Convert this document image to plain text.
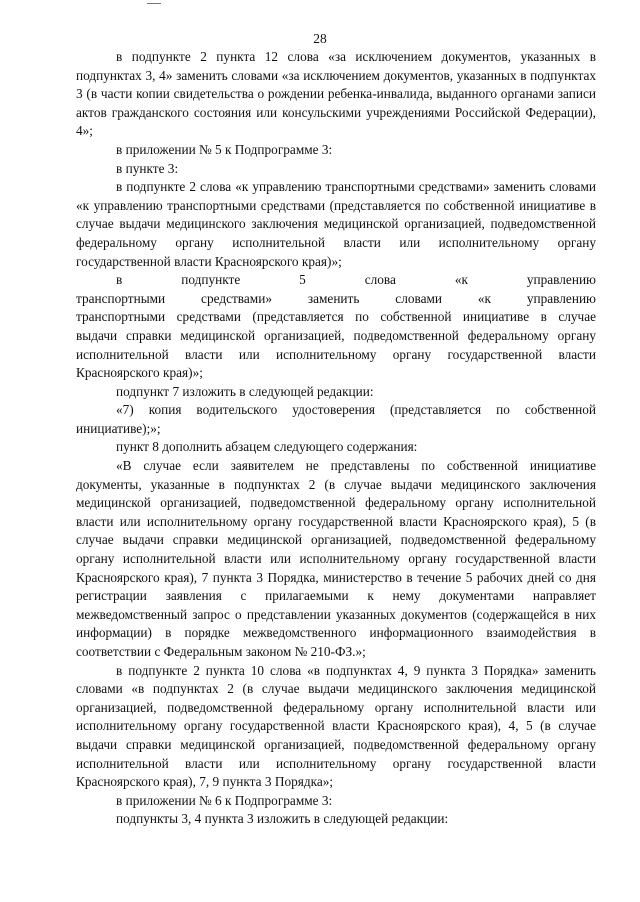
28

в подпункте 2 пункта 12 слова «за исключением документов, указанных в подпунктах 3, 4» заменить словами «за исключением документов, указанных в подпунктах 3 (в части копии свидетельства о рождении ребенка-инвалида, выданного органами записи актов гражданского состояния или консульскими учреждениями Российской Федерации), 4»;

в приложении № 5 к Подпрограмме 3:

в пункте 3:

в подпункте 2 слова «к управлению транспортными средствами» заменить словами «к управлению транспортными средствами (представляется по собственной инициативе в случае выдачи медицинского заключения медицинской организацией, подведомственной федеральному органу исполнительной власти или исполнительному органу государственной власти Красноярского края)»;

в подпункте 5 слова «к управлению
транспортными средствами» заменить словами «к управлению
транспортными средствами (представляется по собственной инициативе в случае
выдачи справки медицинской организацией, подведомственной федеральному органу
исполнительной власти или исполнительному органу государственной власти Красноярского края)»;

подпункт 7 изложить в следующей редакции:

«7) копия водительского удостоверения (представляется по собственной инициативе);»;

пункт 8 дополнить абзацем следующего содержания:

«В случае если заявителем не представлены по собственной инициативе документы, указанные в подпунктах 2 (в случае выдачи медицинского заключения медицинской организацией, подведомственной федеральному органу исполнительной власти или исполнительному органу государственной власти Красноярского края), 5 (в случае выдачи справки медицинской организацией, подведомственной федеральному органу исполнительной власти или исполнительному органу государственной власти Красноярского края), 7 пункта 3 Порядка, министерство в течение 5 рабочих дней со дня регистрации заявления с прилагаемыми к нему документами направляет межведомственный запрос о представлении указанных документов (содержащейся в них информации) в порядке межведомственного информационного взаимодействия в соответствии с Федеральным законом № 210-ФЗ.»;

в подпункте 2 пункта 10 слова «в подпунктах 4, 9 пункта 3 Порядка» заменить словами «в подпунктах 2 (в случае выдачи медицинского заключения медицинской организацией, подведомственной федеральному органу исполнительной власти или исполнительному органу государственной власти Красноярского края), 4, 5 (в случае выдачи справки медицинской организацией, подведомственной федеральному органу исполнительной власти или исполнительному органу государственной власти Красноярского края), 7, 9 пункта 3 Порядка»;

в приложении № 6 к Подпрограмме 3:

подпункты 3, 4 пункта 3 изложить в следующей редакции:
